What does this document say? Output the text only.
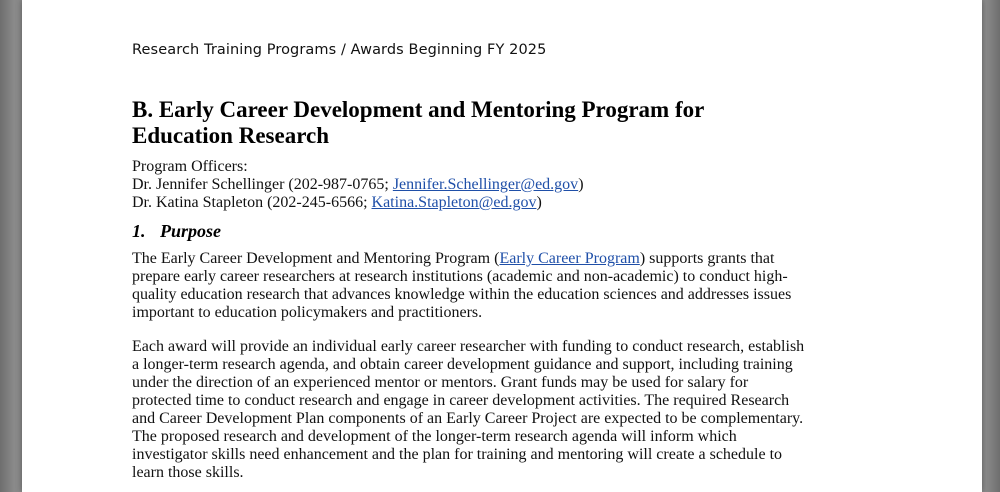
Research Training Programs / Awards Beginning FY 2025
B. Early Career Development and Mentoring Program for
Education Research
Program Officers:
Dr. Jennifer Schellinger (202-987-0765; Jennifer.Schellinger@ed.gov)
Dr. Katina Stapleton (202-245-6566; Katina.Stapleton@ed.gov)
1. Purpose

The Early Career Development and Mentoring Program (Early Career Program) supports grants that
prepare early career researchers at research institutions (academic and non-academic) to conduct high-
quality education research that advances knowledge within the education sciences and addresses issues
important to education policymakers and practitioners.

Each award will provide an individual early career researcher with funding to conduct research, establish
a longer-term research agenda, and obtain career development guidance and support, including training
under the direction of an experienced mentor or mentors. Grant funds may be used for salary for
protected time to conduct research and engage in career development activities. The required Research
and Career Development Plan components of an Early Career Project are expected to be complementary.
The proposed research and development of the longer-term research agenda will inform which
investigator skills need enhancement and the plan for training and mentoring will create a schedule to
learn those skills.
